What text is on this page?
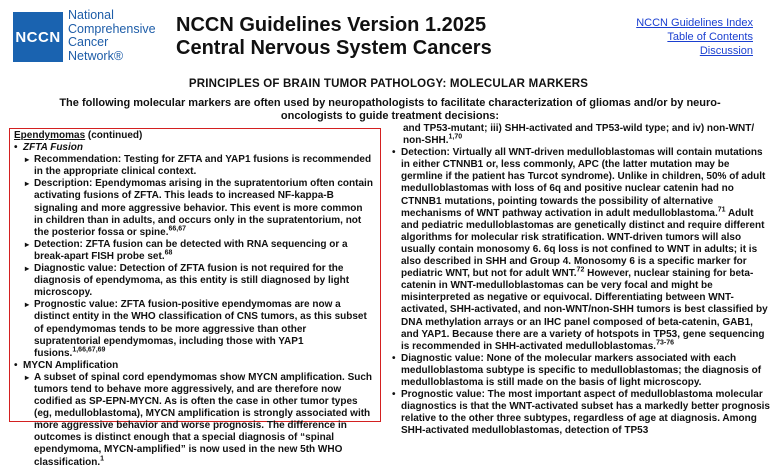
NCCN
National
Comprehensive
Cancer
Network®
NCCN Guidelines Version 1.2025
Central Nervous System Cancers
NCCN Guidelines Index
Table of Contents
Discussion
PRINCIPLES OF BRAIN TUMOR PATHOLOGY: MOLECULAR MARKERS
The following molecular markers are often used by neuropathologists to facilitate characterization of gliomas and/or by neuro-oncologists to guide treatment decisions:

Ependymomas (continued)

• ZFTA Fusion

▸ Recommendation: Testing for ZFTA and YAP1 fusions is recommended in the appropriate clinical context.

▸ Description: Ependymomas arising in the supratentorium often contain activating fusions of ZFTA. This leads to increased NF-kappa-B signaling and more aggressive behavior. This event is more common in children than in adults, and occurs only in the supratentorium, not the posterior fossa or spine.$^{66,67}$

▸ Detection: ZFTA fusion can be detected with RNA sequencing or a break-apart FISH probe set.$^{68}$

▸ Diagnostic value: Detection of ZFTA fusion is not required for the diagnosis of ependymoma, as this entity is still diagnosed by light microscopy.

▸ Prognostic value: ZFTA fusion-positive ependymomas are now a distinct entity in the WHO classification of CNS tumors, as this subset of ependymomas tends to be more aggressive than other supratentorial ependymomas, including those with YAP1 fusions.$^{1,66,67,69}$

• MYCN Amplification

▸ A subset of spinal cord ependymomas show MYCN amplification. Such tumors tend to behave more aggressively, and are therefore now codified as SP-EPN-MYCN. As is often the case in other tumor types (eg, medulloblastoma), MYCN amplification is strongly associated with more aggressive behavior and worse prognosis. The difference in outcomes is distinct enough that a special diagnosis of “spinal ependymoma, MYCN-amplified” is now used in the new 5th WHO classification.$^1$

and TP53-mutant; iii) SHH-activated and TP53-wild type; and iv) non-WNT/ non-SHH.$^{1,70}$

• Detection: Virtually all WNT-driven medulloblastomas will contain mutations in either CTNNB1 or, less commonly, APC (the latter mutation may be germline if the patient has Turcot syndrome). Unlike in children, 50% of adult medulloblastomas with loss of 6q and positive nuclear catenin had no CTNNB1 mutations, pointing towards the possibility of alternative mechanisms of WNT pathway activation in adult medulloblastoma.$^{71}$ Adult and pediatric medulloblastomas are genetically distinct and require different algorithms for molecular risk stratification. WNT-driven tumors will also usually contain monosomy 6. 6q loss is not confined to WNT in adults; it is also described in SHH and Group 4. Monosomy 6 is a specific marker for pediatric WNT, but not for adult WNT.$^{72}$ However, nuclear staining for beta-catenin in WNT-medulloblastomas can be very focal and might be misinterpreted as negative or equivocal. Differentiating between WNT-activated, SHH-activated, and non-WNT/non-SHH tumors is best classified by DNA methylation arrays or an IHC panel composed of beta-catenin, GAB1, and YAP1. Because there are a variety of hotspots in TP53, gene sequencing is recommended in SHH-activated medulloblastomas.$^{73-76}$

• Diagnostic value: None of the molecular markers associated with each medulloblastoma subtype is specific to medulloblastomas; the diagnosis of medulloblastoma is still made on the basis of light microscopy.

• Prognostic value: The most important aspect of medulloblastoma molecular diagnostics is that the WNT-activated subset has a markedly better prognosis relative to the other three subtypes, regardless of age at diagnosis. Among SHH-activated medulloblastomas, detection of TP53
